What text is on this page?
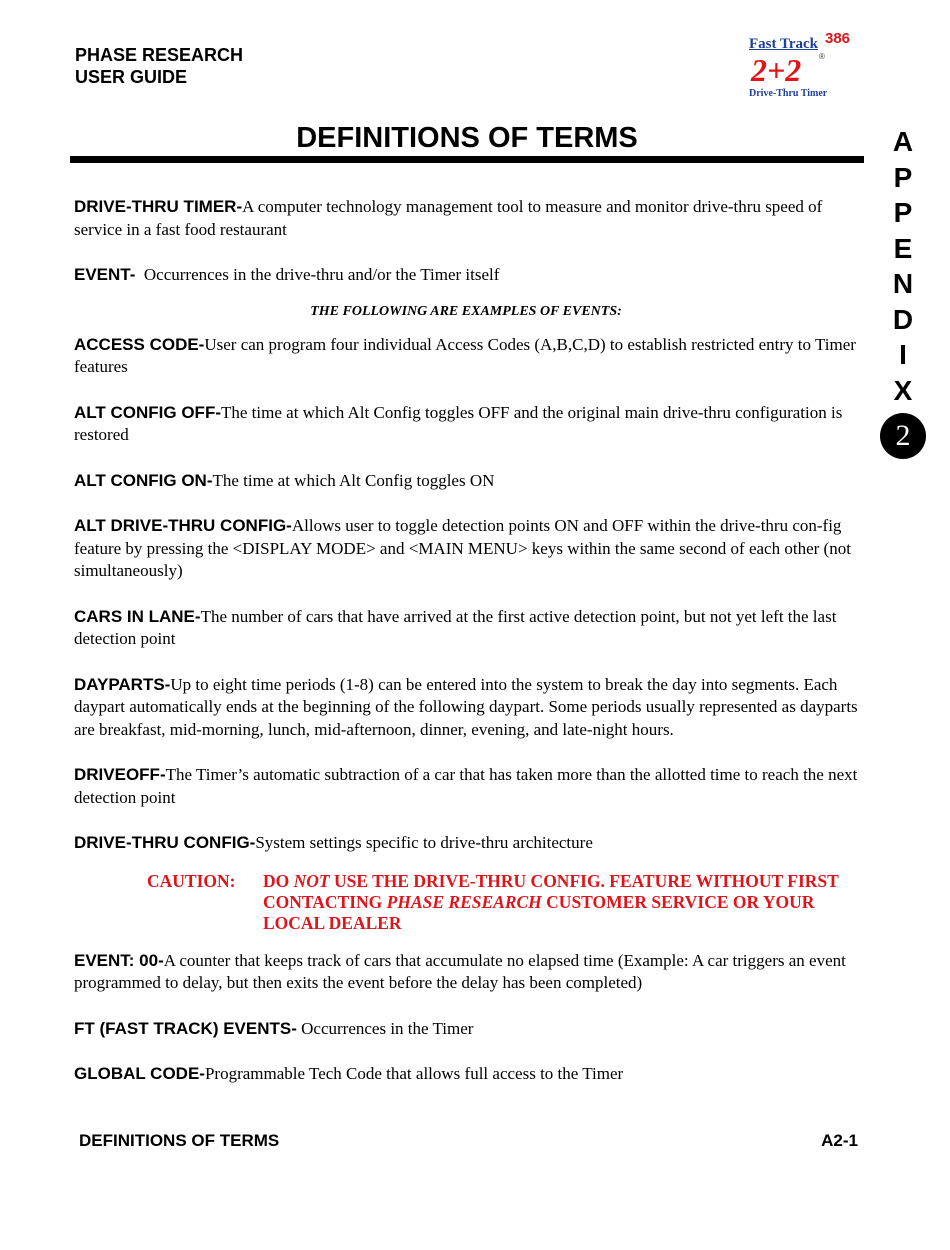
PHASE RESEARCH
USER GUIDE
Fast Track 386
®
2+2
Drive-Thru Timer
DEFINITIONS OF TERMS	A
P
P
E
N
D
I
X
2

DRIVE-THRU TIMER-A computer technology management tool to measure and monitor drive-thru speed of service in a fast food restaurant

EVENT-  Occurrences in the drive-thru and/or the Timer itself

THE FOLLOWING ARE EXAMPLES OF EVENTS:

ACCESS CODE-User can program four individual Access Codes (A,B,C,D) to establish restricted entry to Timer features

ALT CONFIG OFF-The time at which Alt Config toggles OFF and the original main drive-thru configuration is restored

ALT CONFIG ON-The time at which Alt Config toggles ON

ALT DRIVE-THRU CONFIG-Allows user to toggle detection points ON and OFF within the drive-thru con-fig feature by pressing the <DISPLAY MODE> and <MAIN MENU> keys within the same second of each other (not simultaneously)

CARS IN LANE-The number of cars that have arrived at the first active detection point, but not yet left the last detection point

DAYPARTS-Up to eight time periods (1-8) can be entered into the system to break the day into segments. Each daypart automatically ends at the beginning of the following daypart. Some periods usually represented as dayparts are breakfast, mid-morning, lunch, mid-afternoon, dinner, evening, and late-night hours.

DRIVEOFF-The Timer’s automatic subtraction of a car that has taken more than the allotted time to reach the next detection point

DRIVE-THRU CONFIG-System settings specific to drive-thru architecture

CAUTION: DO NOT USE THE DRIVE-THRU CONFIG. FEATURE WITHOUT FIRST CONTACTING PHASE RESEARCH CUSTOMER SERVICE OR YOUR LOCAL DEALER

EVENT: 00-A counter that keeps track of cars that accumulate no elapsed time (Example: A car triggers an event programmed to delay, but then exits the event before the delay has been completed)

FT (FAST TRACK) EVENTS- Occurrences in the Timer

GLOBAL CODE-Programmable Tech Code that allows full access to the Timer

DEFINITIONS OF TERMS	A2-1
